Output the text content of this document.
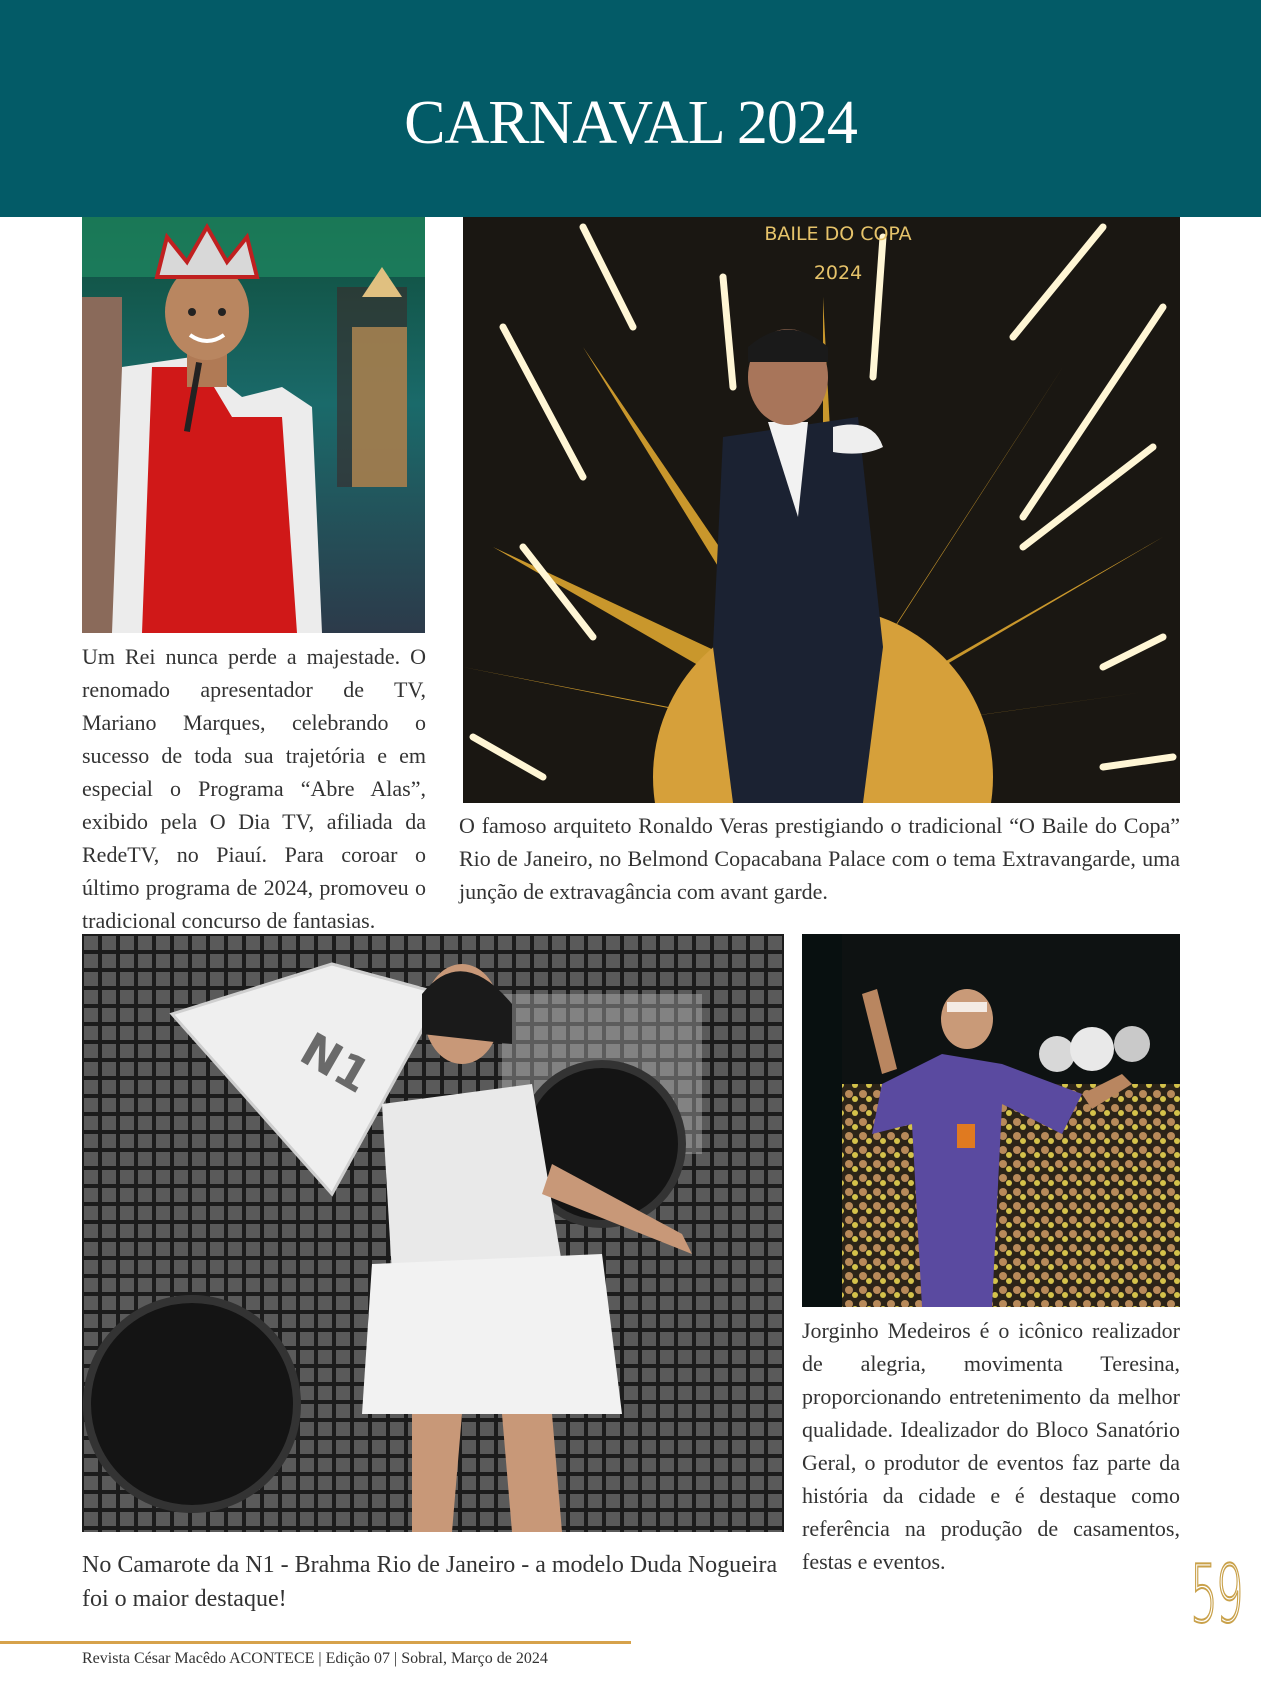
CARNAVAL 2024
BAILE DO COPA
2024
Um Rei nunca perde a majestade. O renomado apresentador de TV, Mariano Marques, celebrando o sucesso de toda sua trajetória e em especial o Programa “Abre Alas”, exibido pela O Dia TV, afiliada da RedeTV, no Piauí. Para coroar o último programa de 2024, promoveu o tradicional concurso de fantasias.
O famoso arquiteto Ronaldo Veras prestigiando o tradicional “O Baile do Copa” Rio de Janeiro, no Belmond Copacabana Palace com o tema Extravangarde, uma junção de extravagância com avant garde.
N1
No Camarote da N1 - Brahma Rio de Janeiro - a modelo Duda Nogueira foi o maior destaque!
Jorginho Medeiros é o icônico realizador de alegria, movimenta Teresina, proporcionando entretenimento da melhor qualidade. Idealizador do Bloco Sanatório Geral, o produtor de eventos faz parte da história da cidade e é destaque como referência na produção de casamentos, festas e eventos.	59
Revista César Macêdo ACONTECE | Edição 07 | Sobral, Março de 2024
